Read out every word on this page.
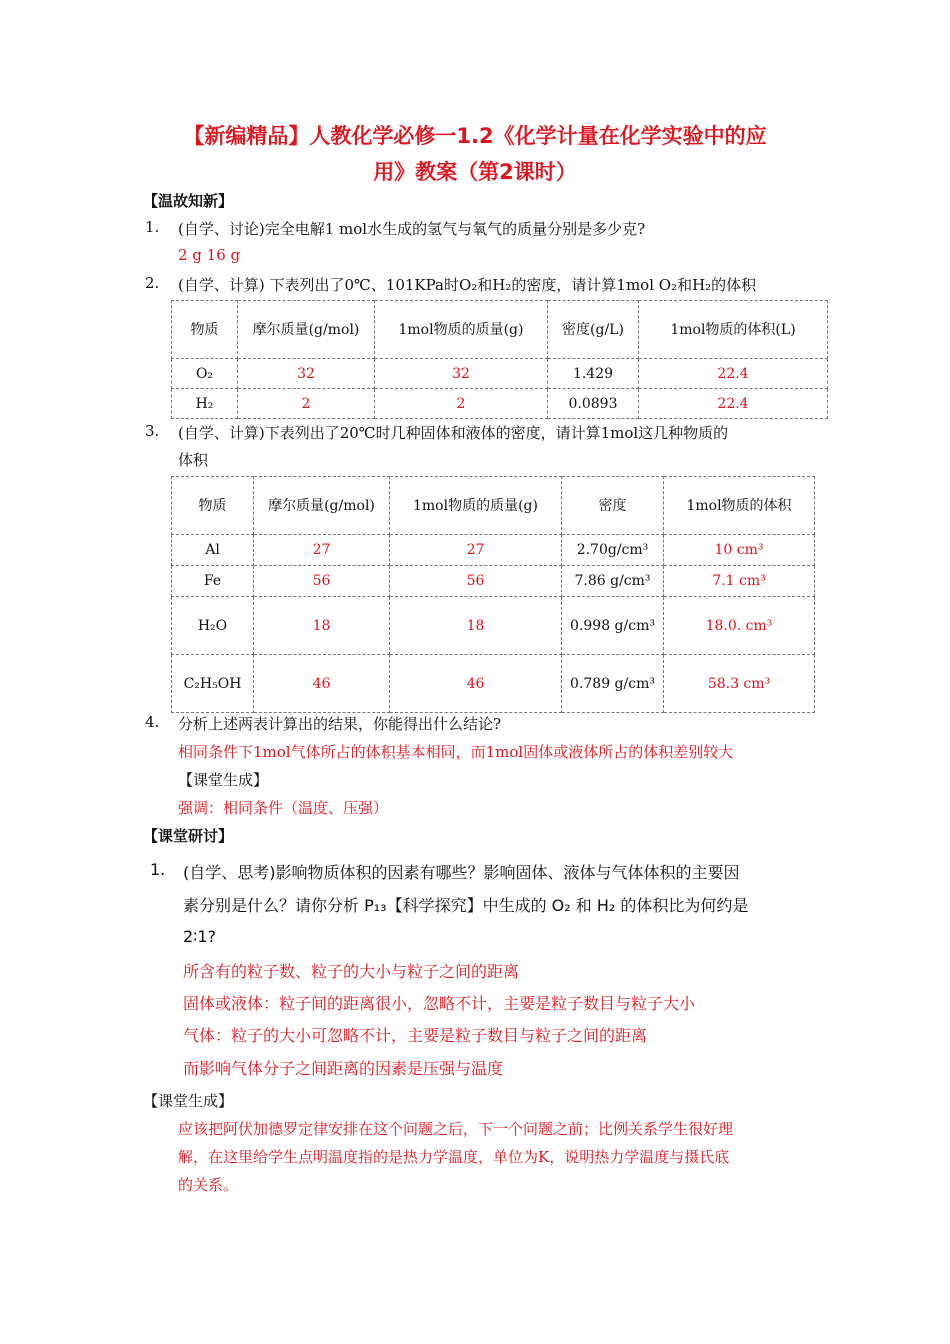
【新编精品】人教化学必修一1.2《化学计量在化学实验中的应
用》教案（第2课时）
【温故知新】
1. (自学、讨论)完全电解1 mol水生成的氢气与氧气的质量分别是多少克?
2 g 16 g
2. (自学、计算) 下表列出了0℃、101KPa时O₂和H₂的密度，请计算1mol O₂和H₂的体积
物质	摩尔质量(g/mol)	1mol物质的质量(g)	密度(g/L)	1mol物质的体积(L)
O₂	32	32	1.429	22.4
H₂	2	2	0.0893	22.4
3. (自学、计算)下表列出了20℃时几种固体和液体的密度，请计算1mol这几种物质的
体积
物质	摩尔质量(g/mol)	1mol物质的质量(g)	密度	1mol物质的体积
Al	27	27	2.70g/cm³	10 cm³
Fe	56	56	7.86 g/cm³	7.1 cm³
H₂O	18	18	0.998 g/cm³	18.0. cm³
C₂H₅OH	46	46	0.789 g/cm³	58.3 cm³
4. 分析上述两表计算出的结果，你能得出什么结论?
相同条件下1mol气体所占的体积基本相同，而1mol固体或液体所占的体积差别较大
【课堂生成】
强调：相同条件（温度、压强）
【课堂研讨】
1. (自学、思考)影响物质体积的因素有哪些？影响固体、液体与气体体积的主要因
素分别是什么？请你分析 P₁₃【科学探究】中生成的 O₂ 和 H₂ 的体积比为何约是
2∶1?
所含有的粒子数、粒子的大小与粒子之间的距离
固体或液体：粒子间的距离很小，忽略不计，主要是粒子数目与粒子大小
气体：粒子的大小可忽略不计，主要是粒子数目与粒子之间的距离
而影响气体分子之间距离的因素是压强与温度
【课堂生成】
应该把阿伏加德罗定律安排在这个问题之后，下一个问题之前；比例关系学生很好理
解，在这里给学生点明温度指的是热力学温度，单位为K，说明热力学温度与摄氏底
的关系。
